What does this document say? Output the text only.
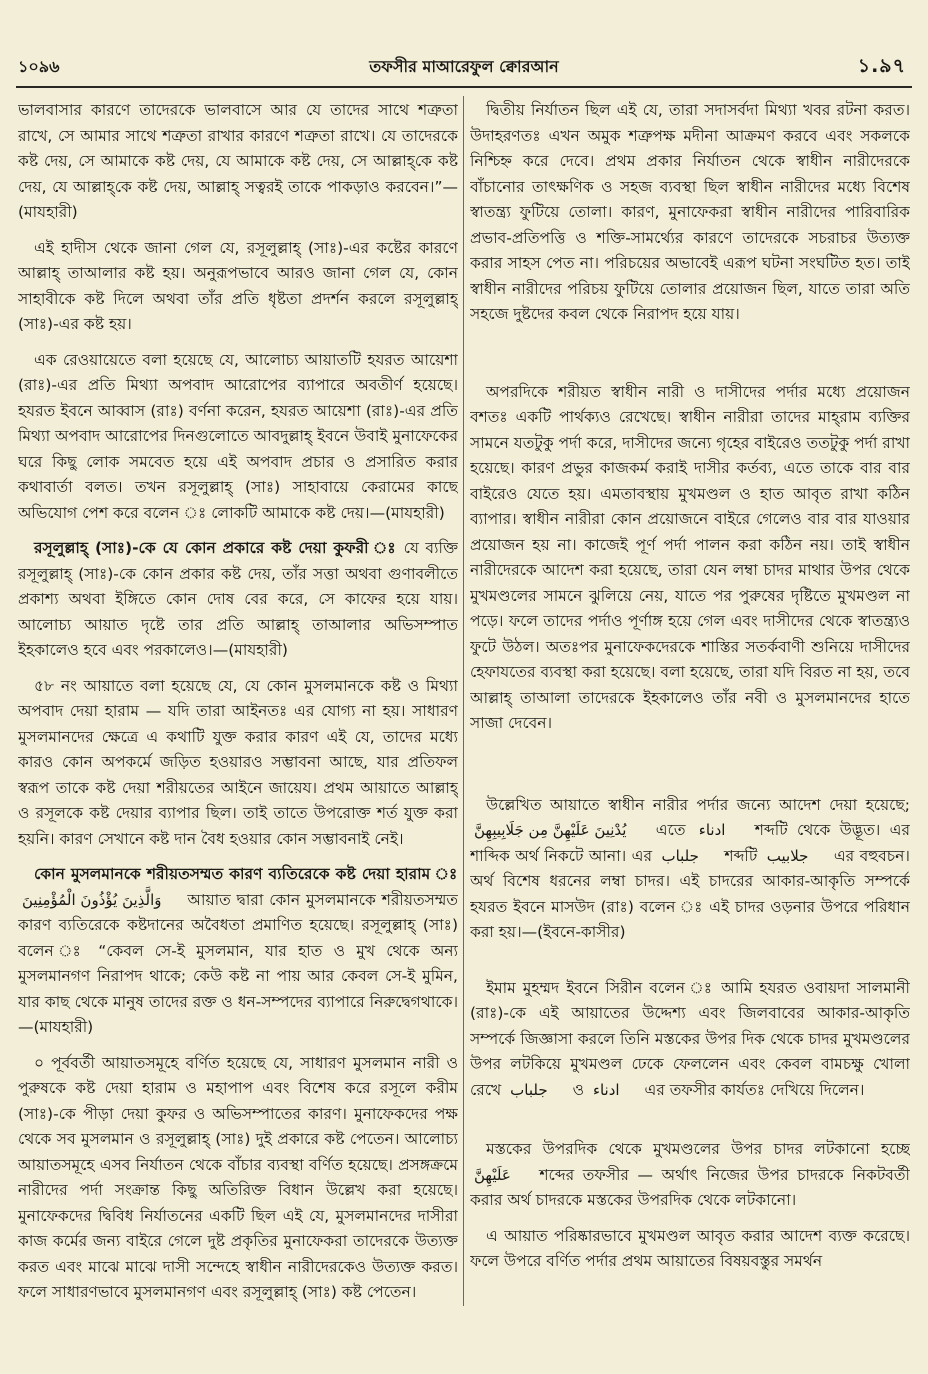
১০৯৬	তফসীর মাআরেফুল ক্বোরআন	১.৯৭

ভালবাসার কারণে তাদেরকে ভালবাসে আর যে তাদের সাথে শত্রুতা রাখে, সে আমার সাথে শত্রুতা রাখার কারণে শত্রুতা রাখে। যে তাদেরকে কষ্ট দেয়, সে আমাকে কষ্ট দেয়, যে আমাকে কষ্ট দেয়, সে আল্লাহ্‌কে কষ্ট দেয়, যে আল্লাহ্‌কে কষ্ট দেয়, আল্লাহ্ সত্বরই তাকে পাকড়াও করবেন।”—(মাযহারী)

এই হাদীস থেকে জানা গেল যে, রসূলুল্লাহ্ (সাঃ)-এর কষ্টের কারণে আল্লাহ্ তাআলার কষ্ট হয়। অনুরূপভাবে আরও জানা গেল যে, কোন সাহাবীকে কষ্ট দিলে অথবা তাঁর প্রতি ধৃষ্টতা প্রদর্শন করলে রসূলুল্লাহ্ (সাঃ)-এর কষ্ট হয়।

এক রেওয়ায়েতে বলা হয়েছে যে, আলোচ্য আয়াতটি হযরত আয়েশা (রাঃ)-এর প্রতি মিথ্যা অপবাদ আরোপের ব্যাপারে অবতীর্ণ হয়েছে। হযরত ইবনে আব্বাস (রাঃ) বর্ণনা করেন, হযরত আয়েশা (রাঃ)-এর প্রতি মিথ্যা অপবাদ আরোপের দিনগুলোতে আবদুল্লাহ্ ইবনে উবাই মুনাফেকের ঘরে কিছু লোক সমবেত হয়ে এই অপবাদ প্রচার ও প্রসারিত করার কথাবার্তা বলত। তখন রসূলুল্লাহ্ (সাঃ) সাহাবায়ে কেরামের কাছে অভিযোগ পেশ করে বলেন ঃ লোকটি আমাকে কষ্ট দেয়।—(মাযহারী)

রসূলুল্লাহ্ (সাঃ)-কে যে কোন প্রকারে কষ্ট দেয়া কুফরী ঃ যে ব্যক্তি রসূলুল্লাহ্ (সাঃ)-কে কোন প্রকার কষ্ট দেয়, তাঁর সত্তা অথবা গুণাবলীতে প্রকাশ্য অথবা ইঙ্গিতে কোন দোষ বের করে, সে কাফের হয়ে যায়। আলোচ্য আয়াত দৃষ্টে তার প্রতি আল্লাহ্ তাআলার অভিসম্পাত ইহকালেও হবে এবং পরকালেও।—(মাযহারী)

৫৮ নং আয়াতে বলা হয়েছে যে, যে কোন মুসলমানকে কষ্ট ও মিথ্যা অপবাদ দেয়া হারাম — যদি তারা আইনতঃ এর যোগ্য না হয়। সাধারণ মুসলমানদের ক্ষেত্রে এ কথাটি যুক্ত করার কারণ এই যে, তাদের মধ্যে কারও কোন অপকর্মে জড়িত হওয়ারও সম্ভাবনা আছে, যার প্রতিফল স্বরূপ তাকে কষ্ট দেয়া শরীয়তের আইনে জায়েয। প্রথম আয়াতে আল্লাহ্ ও রসূলকে কষ্ট দেয়ার ব্যাপার ছিল। তাই তাতে উপরোক্ত শর্ত যুক্ত করা হয়নি। কারণ সেখানে কষ্ট দান বৈধ হওয়ার কোন সম্ভাবনাই নেই।

কোন মুসলমানকে শরীয়তসম্মত কারণ ব্যতিরেকে কষ্ট দেয়া হারাম ঃ وَالَّذِينَ يُؤْذُونَ الْمُؤْمِنِينَ আয়াত দ্বারা কোন মুসলমানকে শরীয়তসম্মত কারণ ব্যতিরেকে কষ্টদানের অবৈধতা প্রমাণিত হয়েছে। রসূলুল্লাহ্ (সাঃ) বলেন ঃ “কেবল সে-ই মুসলমান, যার হাত ও মুখ থেকে অন্য মুসলমানগণ নিরাপদ থাকে; কেউ কষ্ট না পায় আর কেবল সে-ই মুমিন, যার কাছ থেকে মানুষ তাদের রক্ত ও ধন-সম্পদের ব্যাপারে নিরুদ্বেগথাকে।—(মাযহারী)

০ পূর্ববর্তী আয়াতসমূহে বর্ণিত হয়েছে যে, সাধারণ মুসলমান নারী ও পুরুষকে কষ্ট দেয়া হারাম ও মহাপাপ এবং বিশেষ করে রসূলে করীম (সাঃ)-কে পীড়া দেয়া কুফর ও অভিসম্পাতের কারণ। মুনাফেকদের পক্ষ থেকে সব মুসলমান ও রসূলুল্লাহ্ (সাঃ) দুই প্রকারে কষ্ট পেতেন। আলোচ্য আয়াতসমূহে এসব নির্যাতন থেকে বাঁচার ব্যবস্থা বর্ণিত হয়েছে। প্রসঙ্গক্রমে নারীদের পর্দা সংক্রান্ত কিছু অতিরিক্ত বিধান উল্লেখ করা হয়েছে। মুনাফেকদের দ্বিবিধ নির্যাতনের একটি ছিল এই যে, মুসলমানদের দাসীরা কাজ কর্মের জন্য বাইরে গেলে দুষ্ট প্রকৃতির মুনাফেকরা তাদেরকে উত্যক্ত করত এবং মাঝে মাঝে দাসী সন্দেহে স্বাধীন নারীদেরকেও উত্যক্ত করত। ফলে সাধারণভাবে মুসলমানগণ এবং রসূলুল্লাহ্ (সাঃ) কষ্ট পেতেন।

দ্বিতীয় নির্যাতন ছিল এই যে, তারা সদাসর্বদা মিথ্যা খবর রটনা করত। উদাহরণতঃ এখন অমুক শত্রুপক্ষ মদীনা আক্রমণ করবে এবং সকলকে নিশ্চিহ্ন করে দেবে। প্রথম প্রকার নির্যাতন থেকে স্বাধীন নারীদেরকে বাঁচানোর তাৎক্ষণিক ও সহজ ব্যবস্থা ছিল স্বাধীন নারীদের মধ্যে বিশেষ স্বাতন্ত্র্য ফুটিয়ে তোলা। কারণ, মুনাফেকরা স্বাধীন নারীদের পারিবারিক প্রভাব-প্রতিপত্তি ও শক্তি-সামর্থ্যের কারণে তাদেরকে সচরাচর উত্যক্ত করার সাহস পেত না। পরিচয়ের অভাবেই এরূপ ঘটনা সংঘটিত হত। তাই স্বাধীন নারীদের পরিচয় ফুটিয়ে তোলার প্রয়োজন ছিল, যাতে তারা অতি সহজে দুষ্টদের কবল থেকে নিরাপদ হয়ে যায়।

অপরদিকে শরীয়ত স্বাধীন নারী ও দাসীদের পর্দার মধ্যে প্রয়োজন বশতঃ একটি পার্থক্যও রেখেছে। স্বাধীন নারীরা তাদের মাহ্‌রাম ব্যক্তির সামনে যতটুকু পর্দা করে, দাসীদের জন্যে গৃহের বাইরেও ততটুকু পর্দা রাখা হয়েছে। কারণ প্রভুর কাজকর্ম করাই দাসীর কর্তব্য, এতে তাকে বার বার বাইরেও যেতে হয়। এমতাবস্থায় মুখমণ্ডল ও হাত আবৃত রাখা কঠিন ব্যাপার। স্বাধীন নারীরা কোন প্রয়োজনে বাইরে গেলেও বার বার যাওয়ার প্রয়োজন হয় না। কাজেই পূর্ণ পর্দা পালন করা কঠিন নয়। তাই স্বাধীন নারীদেরকে আদেশ করা হয়েছে, তারা যেন লম্বা চাদর মাথার উপর থেকে মুখমণ্ডলের সামনে ঝুলিয়ে নেয়, যাতে পর পুরুষের দৃষ্টিতে মুখমণ্ডল না পড়ে। ফলে তাদের পর্দাও পূর্ণাঙ্গ হয়ে গেল এবং দাসীদের থেকে স্বাতন্ত্র্যও ফুটে উঠল। অতঃপর মুনাফেকদেরকে শাস্তির সতর্কবাণী শুনিয়ে দাসীদের হেফাযতের ব্যবস্থা করা হয়েছে। বলা হয়েছে, তারা যদি বিরত না হয়, তবে আল্লাহ্ তাআলা তাদেরকে ইহকালেও তাঁর নবী ও মুসলমানদের হাতে সাজা দেবেন।

উল্লেখিত আয়াতে স্বাধীন নারীর পর্দার জন্যে আদেশ দেয়া হয়েছে; يُدْنِينَ عَلَيْهِنَّ مِن جَلَابِيبِهِنَّ এতে ادناء শব্দটি থেকে উদ্ভূত। এর শাব্দিক অর্থ নিকটে আনা। এর جلباب শব্দটি جلابيب এর বহুবচন। অর্থ বিশেষ ধরনের লম্বা চাদর। এই চাদরের আকার-আকৃতি সম্পর্কে হযরত ইবনে মাসউদ (রাঃ) বলেন ঃ এই চাদর ওড়নার উপরে পরিধান করা হয়।—(ইবনে-কাসীর)

ইমাম মুহম্মদ ইবনে সিরীন বলেন ঃ আমি হযরত ওবায়দা সালমানী (রাঃ)-কে এই আয়াতের উদ্দেশ্য এবং জিলবাবের আকার-আকৃতি সম্পর্কে জিজ্ঞাসা করলে তিনি মস্তকের উপর দিক থেকে চাদর মুখমণ্ডলের উপর লটকিয়ে মুখমণ্ডল ঢেকে ফেললেন এবং কেবল বামচক্ষু খোলা রেখে جلباب ও ادناء এর তফসীর কার্যতঃ দেখিয়ে দিলেন।

মস্তকের উপরদিক থেকে মুখমণ্ডলের উপর চাদর লটকানো হচ্ছে عَلَيْهِنَّ শব্দের তফসীর — অর্থাৎ নিজের উপর চাদরকে নিকটবর্তী করার অর্থ চাদরকে মস্তকের উপরদিক থেকে লটকানো।

এ আয়াত পরিষ্কারভাবে মুখমণ্ডল আবৃত করার আদেশ ব্যক্ত করেছে। ফলে উপরে বর্ণিত পর্দার প্রথম আয়াতের বিষয়বস্তুর সমর্থন
